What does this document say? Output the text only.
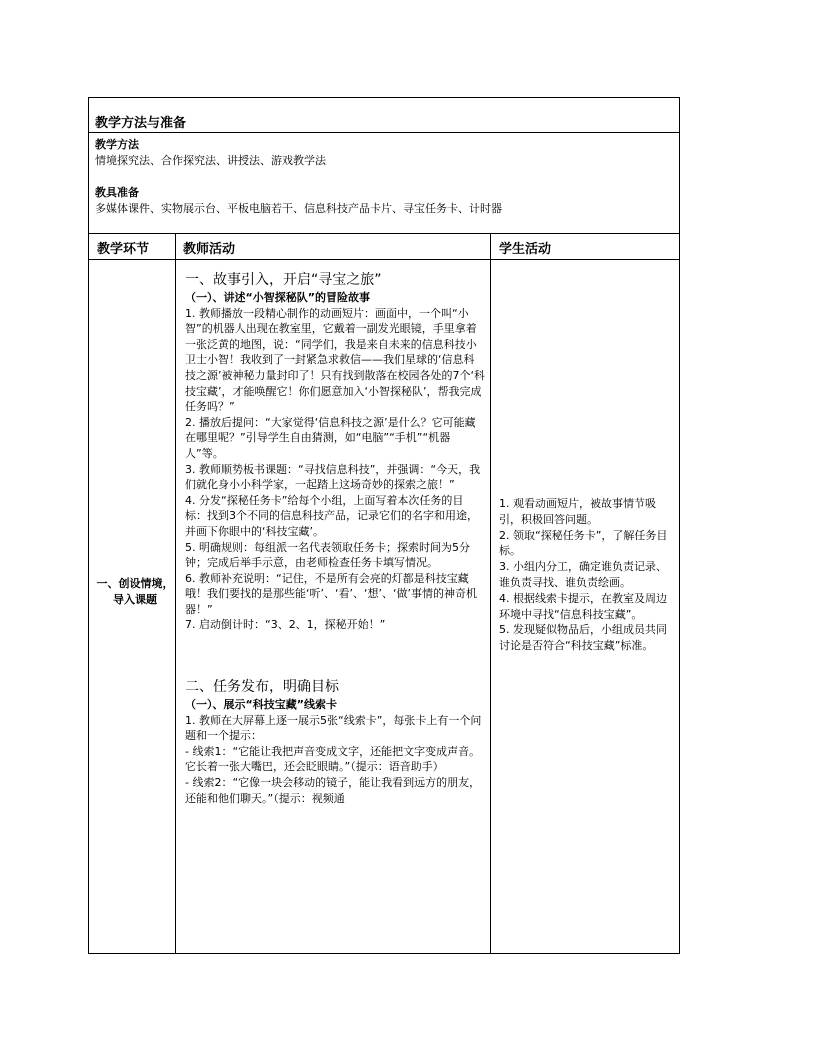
教学方法与准备

教学方法

情境探究法、合作探究法、讲授法、游戏教学法

教具准备

多媒体课件、实物展示台、平板电脑若干、信息科技产品卡片、寻宝任务卡、计时器

教学环节	教师活动	学生活动
一、创设情境，导入课题

一、故事引入，开启“寻宝之旅”

（一）、讲述“小智探秘队”的冒险故事

1. 教师播放一段精心制作的动画短片：画面中，一个叫“小智”的机器人出现在教室里，它戴着一副发光眼镜，手里拿着一张泛黄的地图，说：“同学们，我是来自未来的信息科技小卫士小智！我收到了一封紧急求救信——我们星球的‘信息科技之源’被神秘力量封印了！只有找到散落在校园各处的7个‘科技宝藏’，才能唤醒它！你们愿意加入‘小智探秘队’，帮我完成任务吗？”

2. 播放后提问：“大家觉得‘信息科技之源’是什么？它可能藏在哪里呢？”引导学生自由猜测，如“电脑”“手机”“机器人”等。

3. 教师顺势板书课题：“寻找信息科技”，并强调：“今天，我们就化身小小科学家，一起踏上这场奇妙的探索之旅！”

4. 分发“探秘任务卡”给每个小组，上面写着本次任务的目标：找到3个不同的信息科技产品，记录它们的名字和用途，并画下你眼中的‘科技宝藏’。

5. 明确规则：每组派一名代表领取任务卡；探索时间为5分钟；完成后举手示意，由老师检查任务卡填写情况。

6. 教师补充说明：“记住，不是所有会亮的灯都是科技宝藏哦！我们要找的是那些能‘听’、‘看’、‘想’、‘做’事情的神奇机器！”

7. 启动倒计时：“3、2、1，探秘开始！”

二、任务发布，明确目标

（一）、展示“科技宝藏”线索卡

1. 教师在大屏幕上逐一展示5张“线索卡”，每张卡上有一个问题和一个提示：

- 线索1：“它能让我把声音变成文字，还能把文字变成声音。它长着一张大嘴巴，还会眨眼睛。”（提示：语音助手）

- 线索2：“它像一块会移动的镜子，能让我看到远方的朋友，还能和他们聊天。”（提示：视频通

1. 观看动画短片，被故事情节吸引，积极回答问题。

2. 领取“探秘任务卡”，了解任务目标。

3. 小组内分工，确定谁负责记录、谁负责寻找、谁负责绘画。

4. 根据线索卡提示，在教室及周边环境中寻找“信息科技宝藏”。

5. 发现疑似物品后，小组成员共同讨论是否符合“科技宝藏”标准。
